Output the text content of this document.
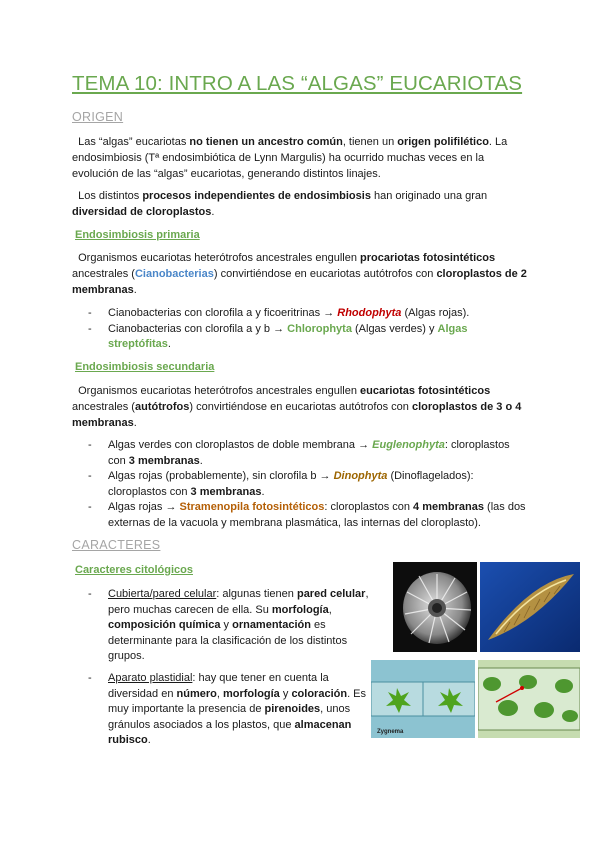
TEMA 10: INTRO A LAS “ALGAS” EUCARIOTAS
ORIGEN

Las “algas” eucariotas no tienen un ancestro común, tienen un origen polifilético. La endosimbiosis (Tª endosimbiótica de Lynn Margulis) ha ocurrido muchas veces en la evolución de las “algas” eucariotas, generando distintos linajes.

Los distintos procesos independientes de endosimbiosis han originado una gran diversidad de cloroplastos.

Endosimbiosis primaria

Organismos eucariotas heterótrofos ancestrales engullen procariotas fotosintéticos ancestrales (Cianobacterias) convirtiéndose en eucariotas autótrofos con cloroplastos de 2 membranas.

- Cianobacterias con clorofila a y ficoeritrinas → Rhodophyta (Algas rojas).
- Cianobacterias con clorofila a y b → Chlorophyta (Algas verdes) y Algas streptófitas.
Endosimbiosis secundaria

Organismos eucariotas heterótrofos ancestrales engullen eucariotas fotosintéticos ancestrales (autótrofos) convirtiéndose en eucariotas autótrofos con cloroplastos de 3 o 4 membranas.

- Algas verdes con cloroplastos de doble membrana → Euglenophyta: cloroplastos con 3 membranas.
- Algas rojas (probablemente), sin clorofila b → Dinophyta (Dinoflagelados): cloroplastos con 3 membranas.
- Algas rojas → Stramenopila fotosintéticos: cloroplastos con 4 membranas (las dos externas de la vacuola y membrana plasmática, las internas del cloroplasto).
CARACTERES
Caracteres citológicos
- Cubierta/pared celular: algunas tienen pared celular, pero muchas carecen de ella. Su morfología, composición química y ornamentación es determinante para la clasificación de los distintos grupos.
- Aparato plastidial: hay que tener en cuenta la diversidad en número, morfología y coloración. Es muy importante la presencia de pirenoides, unos gránulos asociados a los plastos, que almacenan rubisco.
Zygnema
